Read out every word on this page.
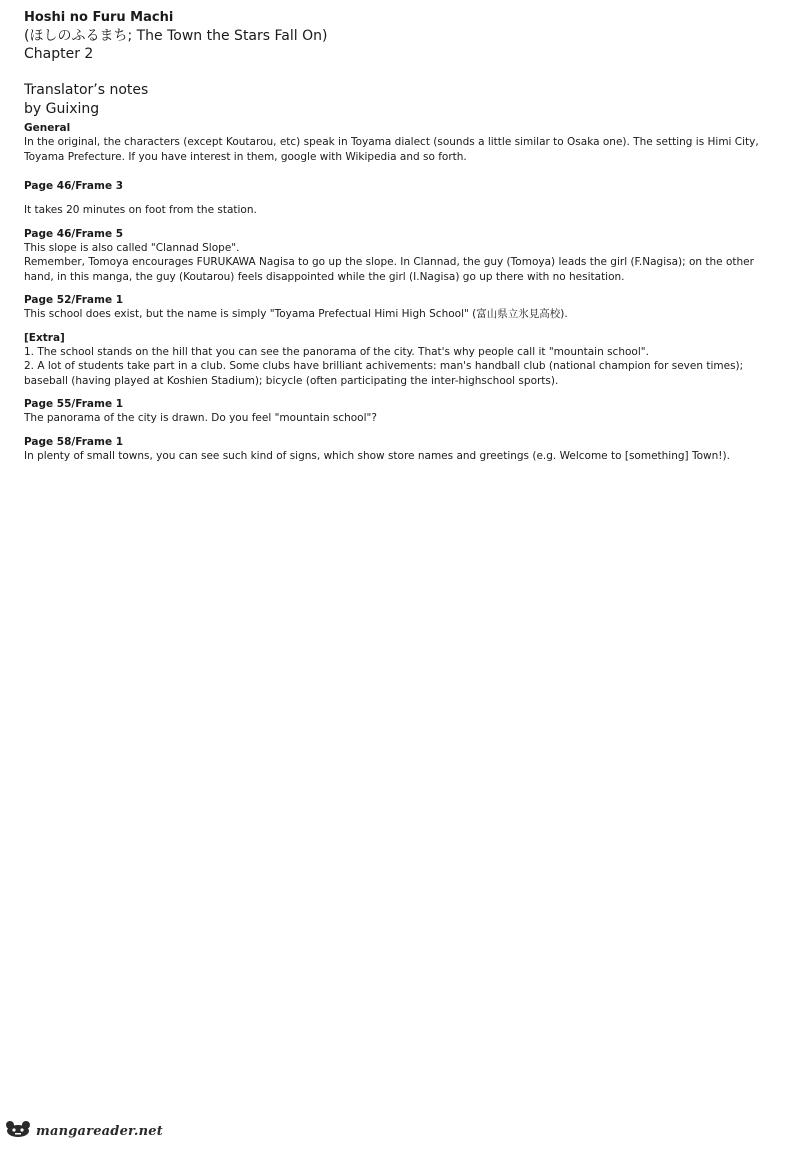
Hoshi no Furu Machi
(ほしのふるまち; The Town the Stars Fall On)
Chapter 2
Translator’s notes
by Guixing
General

In the original, the characters (except Koutarou, etc) speak in Toyama dialect (sounds a little similar to Osaka one). The setting is Himi City, Toyama Prefecture. If you have interest in them, google with Wikipedia and so forth.

Page 46/Frame 3

It takes 20 minutes on foot from the station.

Page 46/Frame 5

This slope is also called "Clannad Slope".

Remember, Tomoya encourages FURUKAWA Nagisa to go up the slope. In Clannad, the guy (Tomoya) leads the girl (F.Nagisa); on the other hand, in this manga, the guy (Koutarou) feels disappointed while the girl (I.Nagisa) go up there with no hesitation.

Page 52/Frame 1

This school does exist, but the name is simply "Toyama Prefectual Himi High School" (富山県立氷見高校).

[Extra]

1. The school stands on the hill that you can see the panorama of the city. That's why people call it "mountain school".

2. A lot of students take part in a club. Some clubs have brilliant achivements: man's handball club (national champion for seven times); baseball (having played at Koshien Stadium); bicycle (often participating the inter-highschool sports).

Page 55/Frame 1

The panorama of the city is drawn. Do you feel "mountain school"?

Page 58/Frame 1

In plenty of small towns, you can see such kind of signs, which show store names and greetings (e.g. Welcome to [something] Town!).

mangareader.net
